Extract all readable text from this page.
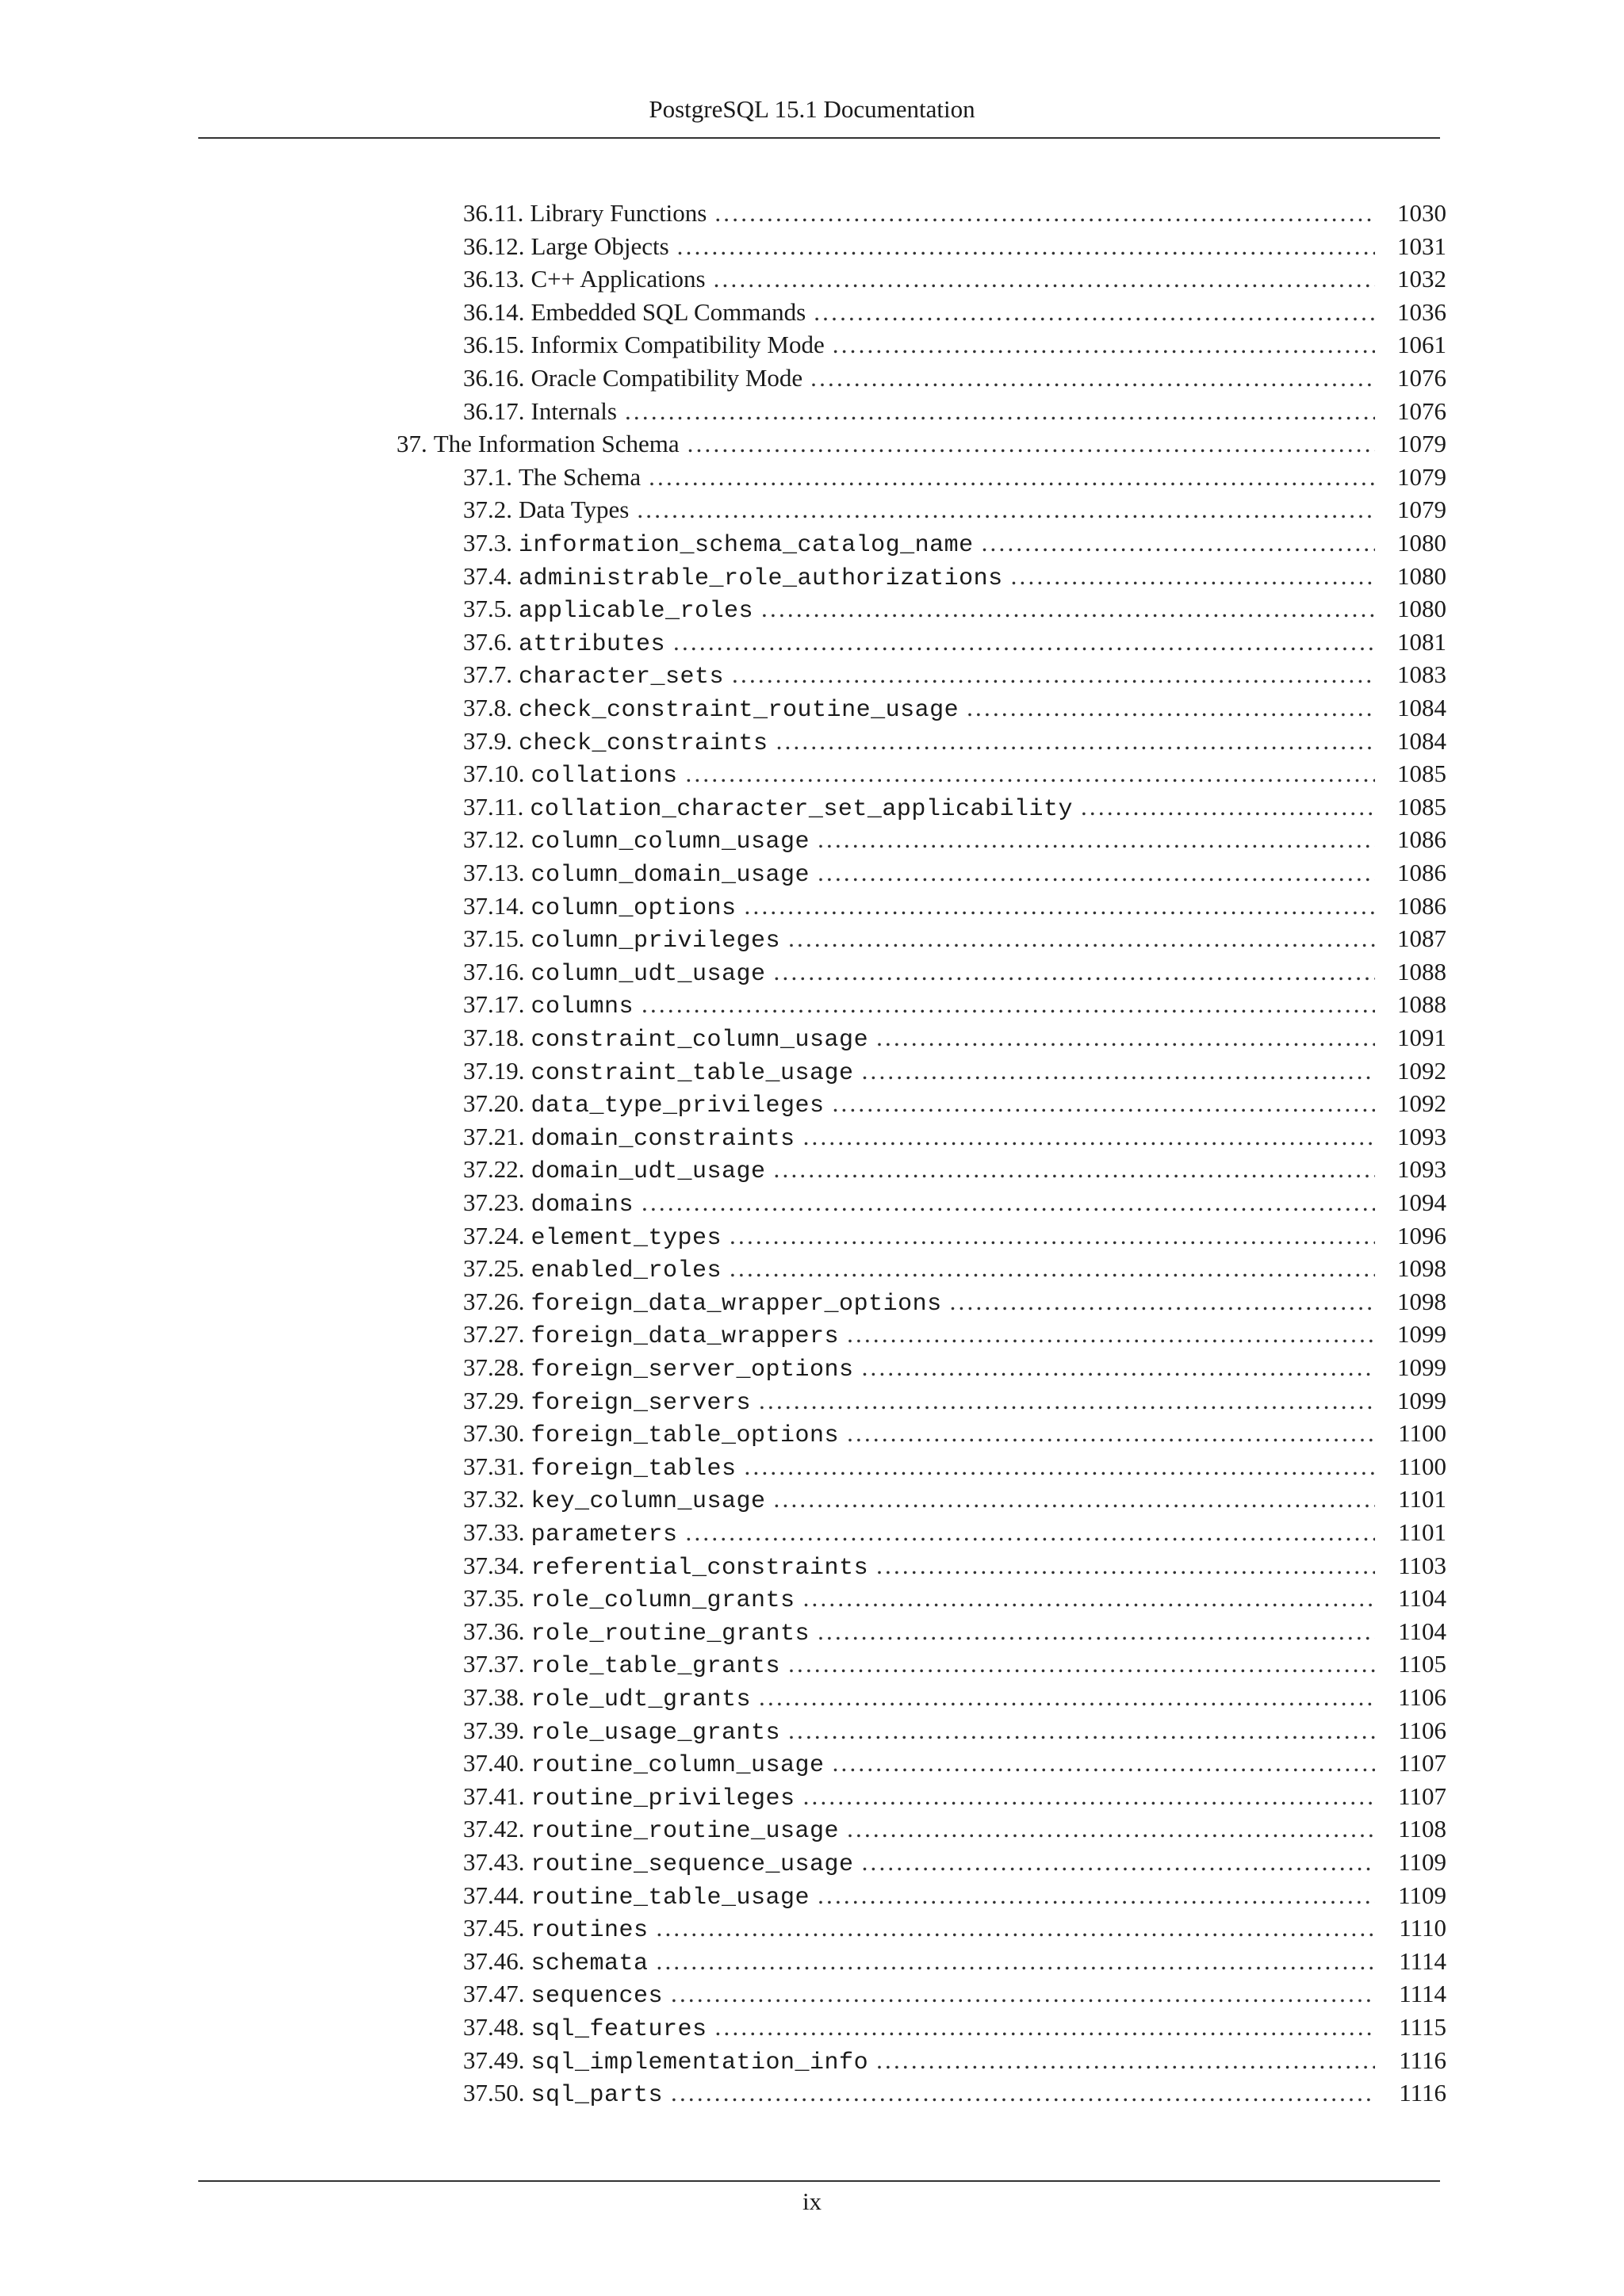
PostgreSQL 15.1 Documentation
36.11. Library Functions .....	1030
36.12. Large Objects .....	1031
36.13. C++ Applications .....	1032
36.14. Embedded SQL Commands .....	1036
36.15. Informix Compatibility Mode .....	1061
36.16. Oracle Compatibility Mode .....	1076
36.17. Internals .....	1076
37. The Information Schema .....	1079
37.1. The Schema .....	1079
37.2. Data Types .....	1079
37.3. information_schema_catalog_name .....	1080
37.4. administrable_role_authorizations .....	1080
37.5. applicable_roles .....	1080
37.6. attributes .....	1081
37.7. character_sets .....	1083
37.8. check_constraint_routine_usage .....	1084
37.9. check_constraints .....	1084
37.10. collations .....	1085
37.11. collation_character_set_applicability .....	1085
37.12. column_column_usage .....	1086
37.13. column_domain_usage .....	1086
37.14. column_options .....	1086
37.15. column_privileges .....	1087
37.16. column_udt_usage .....	1088
37.17. columns .....	1088
37.18. constraint_column_usage .....	1091
37.19. constraint_table_usage .....	1092
37.20. data_type_privileges .....	1092
37.21. domain_constraints .....	1093
37.22. domain_udt_usage .....	1093
37.23. domains .....	1094
37.24. element_types .....	1096
37.25. enabled_roles .....	1098
37.26. foreign_data_wrapper_options .....	1098
37.27. foreign_data_wrappers .....	1099
37.28. foreign_server_options .....	1099
37.29. foreign_servers .....	1099
37.30. foreign_table_options .....	1100
37.31. foreign_tables .....	1100
37.32. key_column_usage .....	1101
37.33. parameters .....	1101
37.34. referential_constraints .....	1103
37.35. role_column_grants .....	1104
37.36. role_routine_grants .....	1104
37.37. role_table_grants .....	1105
37.38. role_udt_grants .....	1106
37.39. role_usage_grants .....	1106
37.40. routine_column_usage .....	1107
37.41. routine_privileges .....	1107
37.42. routine_routine_usage .....	1108
37.43. routine_sequence_usage .....	1109
37.44. routine_table_usage .....	1109
37.45. routines .....	1110
37.46. schemata .....	1114
37.47. sequences .....	1114
37.48. sql_features .....	1115
37.49. sql_implementation_info .....	1116
37.50. sql_parts .....	1116
ix
